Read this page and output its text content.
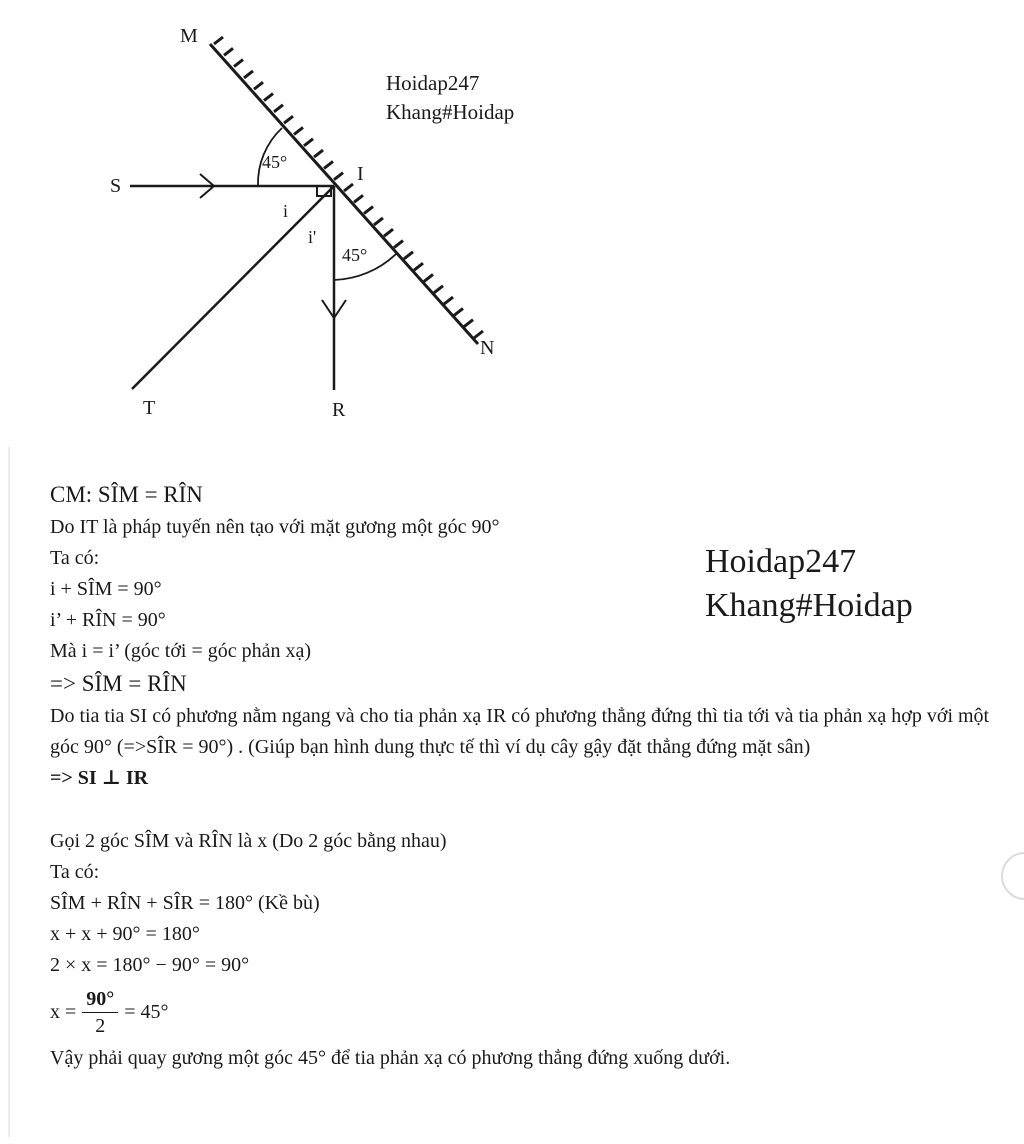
M
N
S
I
T	R
45°
45°
i
i'
Hoidap247
Khang#Hoidap
CM: SÎM = RÎN
Do IT là pháp tuyến nên tạo với mặt gương một góc 90°
Ta có:
i + SÎM = 90°
i’ + RÎN = 90°
Mà i = i’ (góc tới = góc phản xạ)
=> SÎM = RÎN
Do tia tia SI có phương nằm ngang và cho tia phản xạ IR có phương thẳng đứng thì tia tới và tia phản xạ hợp với một góc 90° (=>SÎR = 90°) . (Giúp bạn hình dung thực tế thì ví dụ cây gậy đặt thẳng đứng mặt sân)
=> SI ⊥ IR
Gọi 2 góc SÎM và RÎN là x (Do 2 góc bằng nhau)
Ta có:
SÎM + RÎN + SÎR = 180° (Kề bù)
x + x + 90° = 180°
2 × x = 180° − 90° = 90°
$x = \frac{90^\circ}{2} = 45^\circ$
Vậy phải quay gương một góc 45° để tia phản xạ có phương thẳng đứng xuống dưới.
Hoidap247
Khang#Hoidap
